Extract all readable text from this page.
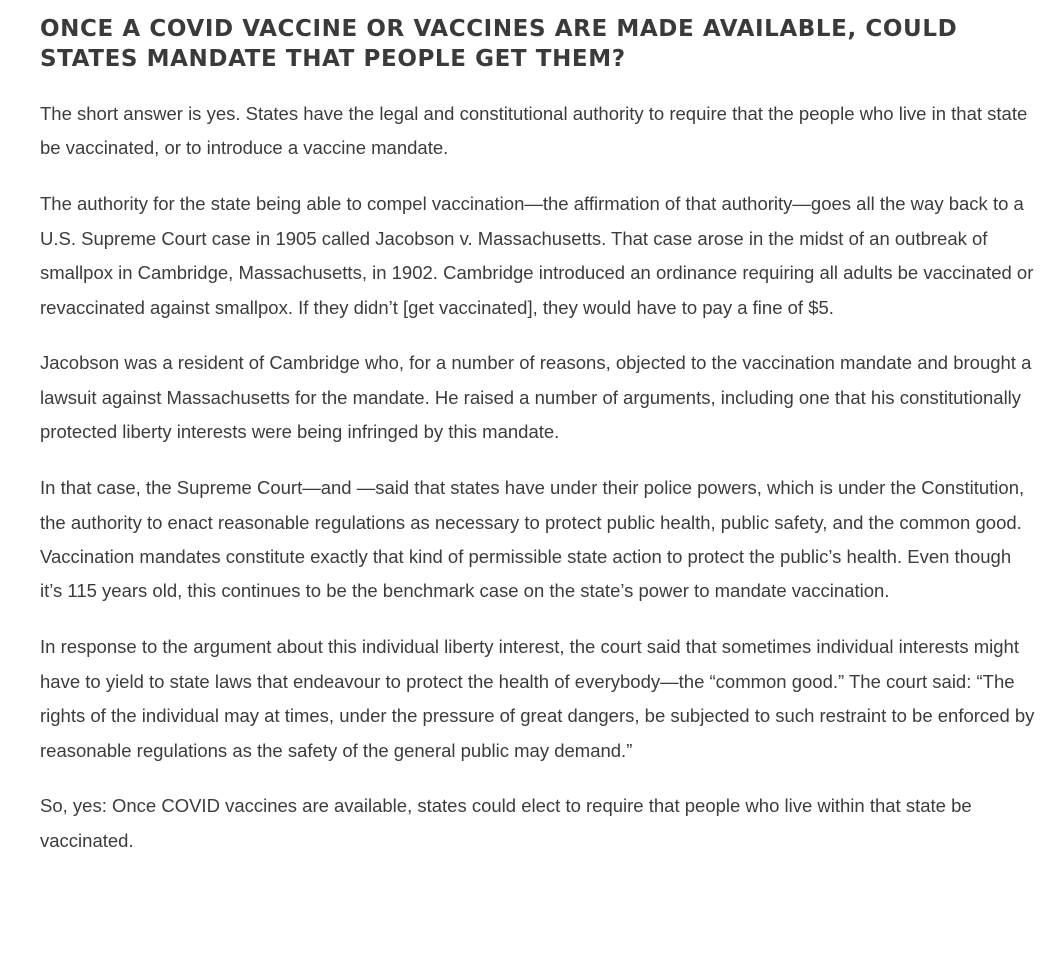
ONCE A COVID VACCINE OR VACCINES ARE MADE AVAILABLE, COULD STATES MANDATE THAT PEOPLE GET THEM?

The short answer is yes. States have the legal and constitutional authority to require that the people who live in that state be vaccinated, or to introduce a vaccine mandate.

The authority for the state being able to compel vaccination—the affirmation of that authority—goes all the way back to a U.S. Supreme Court case in 1905 called Jacobson v. Massachusetts. That case arose in the midst of an outbreak of smallpox in Cambridge, Massachusetts, in 1902. Cambridge introduced an ordinance requiring all adults be vaccinated or revaccinated against smallpox. If they didn’t [get vaccinated], they would have to pay a fine of $5.

Jacobson was a resident of Cambridge who, for a number of reasons, objected to the vaccination mandate and brought a lawsuit against Massachusetts for the mandate. He raised a number of arguments, including one that his constitutionally protected liberty interests were being infringed by this mandate.

In that case, the Supreme Court—and —said that states have under their police powers, which is under the Constitution, the authority to enact reasonable regulations as necessary to protect public health, public safety, and the common good. Vaccination mandates constitute exactly that kind of permissible state action to protect the public’s health. Even though it’s 115 years old, this continues to be the benchmark case on the state’s power to mandate vaccination.

In response to the argument about this individual liberty interest, the court said that sometimes individual interests might have to yield to state laws that endeavour to protect the health of everybody—the “common good.” The court said: “The rights of the individual may at times, under the pressure of great dangers, be subjected to such restraint to be enforced by reasonable regulations as the safety of the general public may demand.”

So, yes: Once COVID vaccines are available, states could elect to require that people who live within that state be vaccinated.
